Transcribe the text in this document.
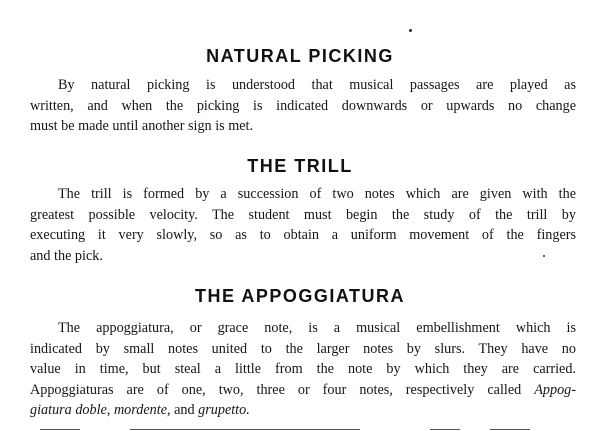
NATURAL PICKING

By natural picking is understood that musical passages are played as
written, and when the picking is indicated downwards or upwards no change
must be made until another sign is met.

THE TRILL

The trill is formed by a succession of two notes which are given with the
greatest possible velocity. The student must begin the study of the trill by
executing it very slowly, so as to obtain a uniform movement of the fingers
and the pick.

THE APPOGGIATURA

The appoggiatura, or grace note, is a musical embellishment which is
indicated by small notes united to the larger notes by slurs. They have no
value in time, but steal a little from the note by which they are carried.
Appoggiaturas are of one, two, three or four notes, respectively called Appog-
giatura doble, mordente, and grupetto.
